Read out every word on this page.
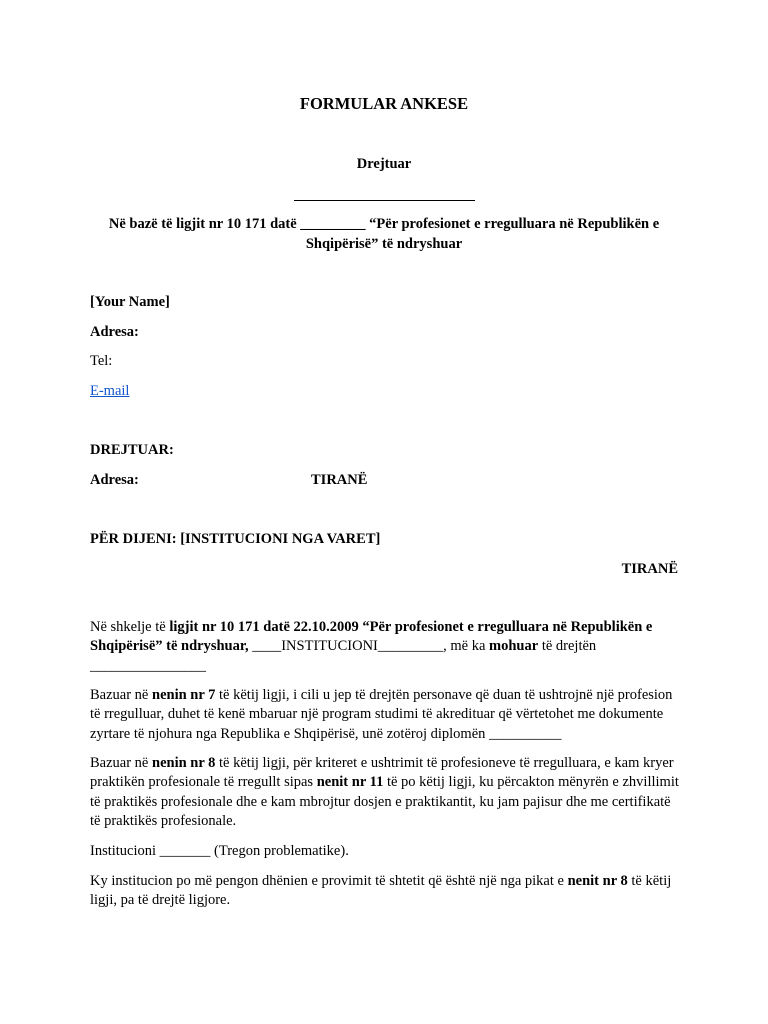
FORMULAR ANKESE
Drejtuar
Në bazë të ligjit nr 10 171 datë _________ “Për profesionet e rregulluara në Republikën e Shqipërisë” të ndryshuar
[Your Name]
Adresa:
Tel:
E-mail
DREJTUAR:
Adresa:	TIRANË
PËR DIJENI: [INSTITUCIONI NGA VARET]
TIRANË
Në shkelje të ligjit nr 10 171 datë 22.10.2009 “Për profesionet e rregulluara në Republikën e Shqipërisë” të ndryshuar, ____INSTITUCIONI_________, më ka mohuar të drejtën ________________
Bazuar në nenin nr 7 të këtij ligji, i cili u jep të drejtën personave që duan të ushtrojnë një profesion të rregulluar, duhet të kenë mbaruar një program studimi të akredituar që vërtetohet me dokumente zyrtare të njohura nga Republika e Shqipërisë, unë zotëroj diplomën __________
Bazuar në nenin nr 8 të këtij ligji, për kriteret e ushtrimit të profesioneve të rregulluara, e kam kryer praktikën profesionale të rregullt sipas nenit nr 11 të po këtij ligji, ku përcakton mënyrën e zhvillimit të praktikës profesionale dhe e kam mbrojtur dosjen e praktikantit, ku jam pajisur dhe me certifikatë të praktikës profesionale.
Institucioni _______ (Tregon problematike).
Ky institucion po më pengon dhënien e provimit të shtetit që është një nga pikat e nenit nr 8 të këtij ligji, pa të drejtë ligjore.
